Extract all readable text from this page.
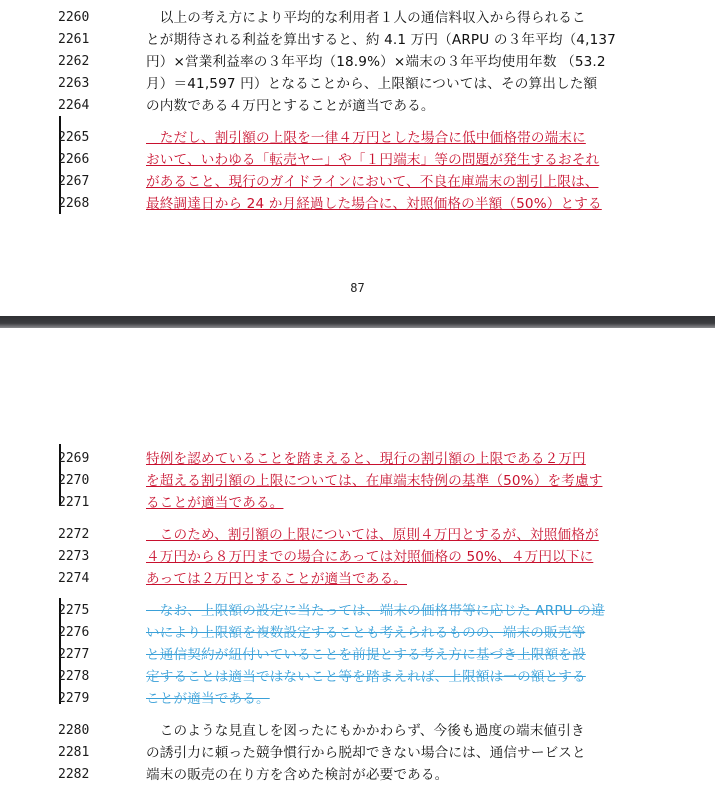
2260	　以上の考え方により平均的な利用者１人の通信料収入から得られるこ
2261	とが期待される利益を算出すると、約 4.1 万円（ARPU の３年平均（4,137
2262	円）×営業利益率の３年平均（18.9%）×端末の３年平均使用年数 （53.2
2263	月）＝41,597 円）となることから、上限額については、その算出した額
2264	の内数である４万円とすることが適当である。
2265	　ただし、割引額の上限を一律４万円とした場合に低中価格帯の端末に
2266	おいて、いわゆる「転売ヤー」や「１円端末」等の問題が発生するおそれ
2267	があること、現行のガイドラインにおいて、不良在庫端末の割引上限は、
2268	最終調達日から 24 か月経過した場合に、対照価格の半額（50%）とする
87
2269	特例を認めていることを踏まえると、現行の割引額の上限である２万円
2270	を超える割引額の上限については、在庫端末特例の基準（50%）を考慮す
2271	ることが適当である。
2272	　このため、割引額の上限については、原則４万円とするが、対照価格が
2273	４万円から８万円までの場合にあっては対照価格の 50%、４万円以下に
2274	あっては２万円とすることが適当である。
2275	　なお、上限額の設定に当たっては、端末の価格帯等に応じた ARPU の違
2276	いにより上限額を複数設定することも考えられるものの、端末の販売等
2277	と通信契約が紐付いていることを前提とする考え方に基づき上限額を設
2278	定することは適当ではないこと等を踏まえれば、上限額は一の額とする
2279	ことが適当である。
2280	　このような見直しを図ったにもかかわらず、今後も過度の端末値引き
2281	の誘引力に頼った競争慣行から脱却できない場合には、通信サービスと
2282	端末の販売の在り方を含めた検討が必要である。
